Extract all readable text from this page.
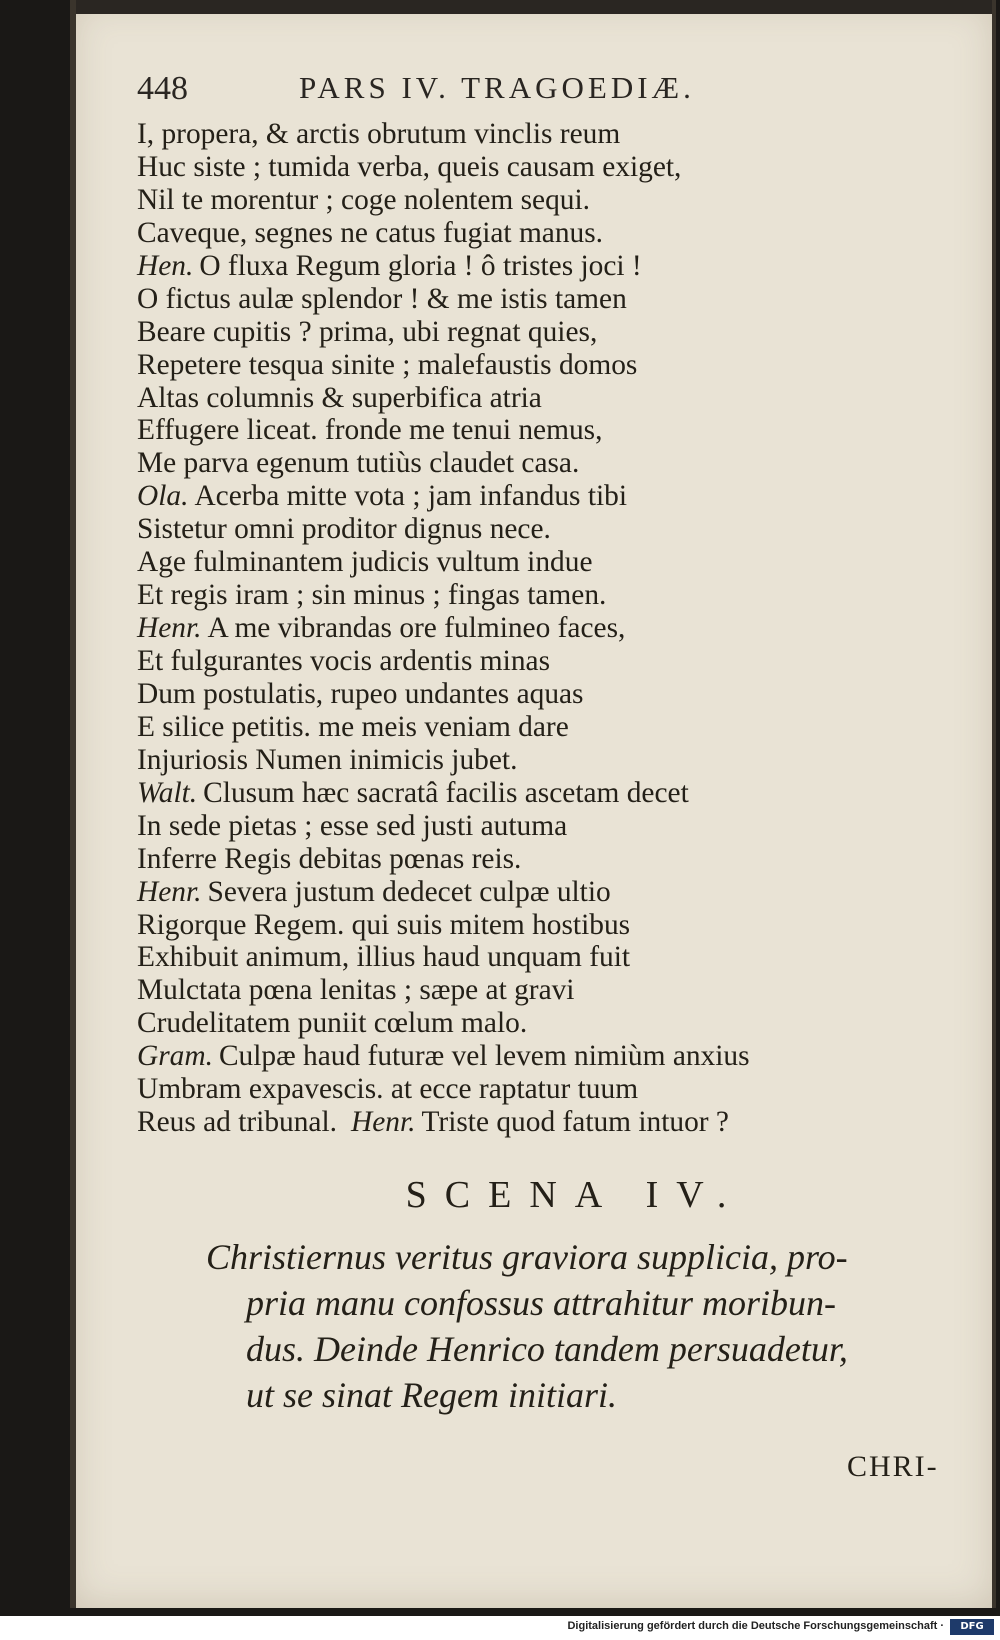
448	PARS IV. TRAGOEDIÆ.
I, propera, & arctis obrutum vinclis reum
Huc siste ; tumida verba, queis causam exiget,
Nil te morentur ; coge nolentem sequi.
Caveque, segnes ne catus fugiat manus.
Hen. O fluxa Regum gloria ! ô tristes joci !
O fictus aulæ splendor ! & me istis tamen
Beare cupitis ? prima, ubi regnat quies,
Repetere tesqua sinite ; malefaustis domos
Altas columnis & superbifica atria
Effugere liceat. fronde me tenui nemus,
Me parva egenum tutiùs claudet casa.
Ola. Acerba mitte vota ; jam infandus tibi
Sistetur omni proditor dignus nece.
Age fulminantem judicis vultum indue
Et regis iram ; sin minus ; fingas tamen.
Henr. A me vibrandas ore fulmineo faces,
Et fulgurantes vocis ardentis minas
Dum postulatis, rupeo undantes aquas
E silice petitis. me meis veniam dare
Injuriosis Numen inimicis jubet.
Walt. Clusum hæc sacratâ facilis ascetam decet
In sede pietas ; esse sed justi autuma
Inferre Regis debitas pœnas reis.
Henr. Severa justum dedecet culpæ ultio
Rigorque Regem. qui suis mitem hostibus
Exhibuit animum, illius haud unquam fuit
Mulctata pœna lenitas ; sæpe at gravi
Crudelitatem puniit cœlum malo.
Gram. Culpæ haud futuræ vel levem nimiùm anxius
Umbram expavescis. at ecce raptatur tuum
Reus ad tribunal. Henr. Triste quod fatum intuor ?
SCENA IV.
Christiernus veritus graviora supplicia, pro-
pria manu confossus attrahitur moribun-
dus. Deinde Henrico tandem persuadetur,
ut se sinat Regem initiari.
CHRI-
Digitalisierung gefördert durch die Deutsche Forschungsgemeinschaft ·	DFG
